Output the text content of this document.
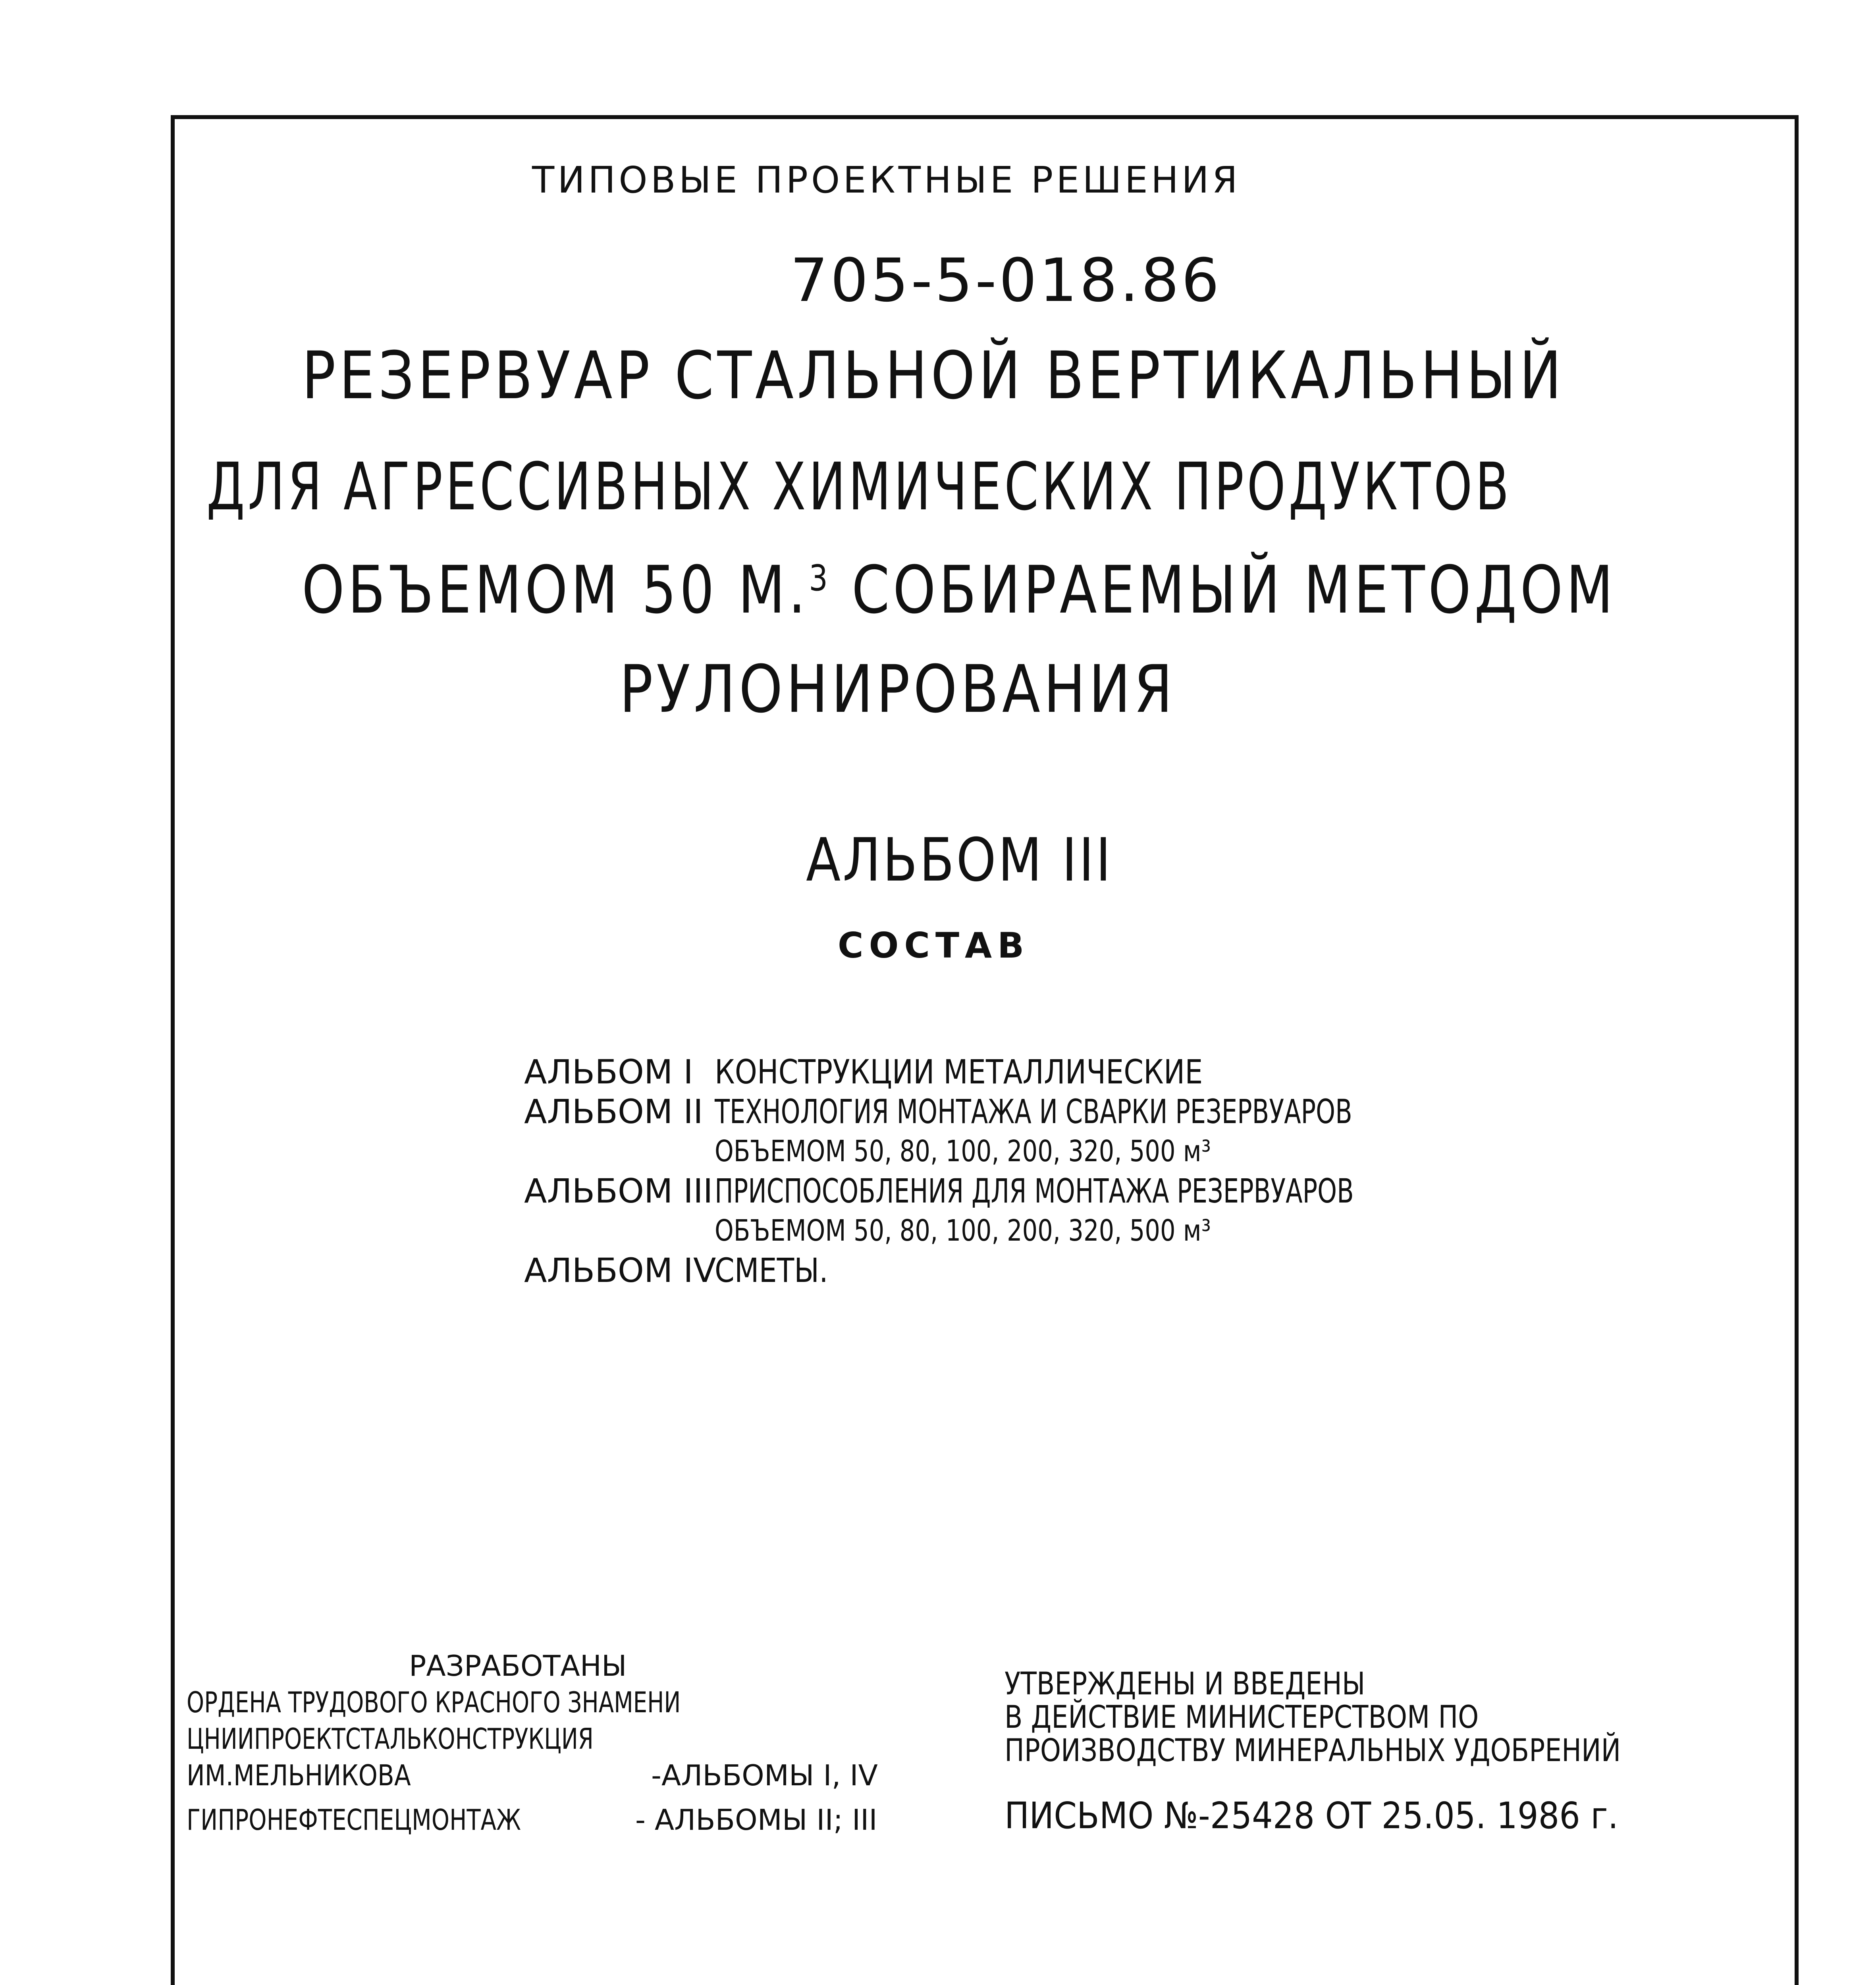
ТИПОВЫЕ ПРОЕКТНЫЕ РЕШЕНИЯ
705-5-018.86
РЕЗЕРВУАР СТАЛЬНОЙ ВЕРТИКАЛЬНЫЙ
ДЛЯ АГРЕССИВНЫХ ХИМИЧЕСКИХ ПРОДУКТОВ
ОБЪЕМОМ 50 М.$^3$ СОБИРАЕМЫЙ МЕТОДОМ
РУЛОНИРОВАНИЯ
АЛЬБОМ III
СОСТАВ
АЛЬБОМ I КОНСТРУКЦИИ МЕТАЛЛИЧЕСКИЕ
АЛЬБОМ II ТЕХНОЛОГИЯ МОНТАЖА И СВАРКИ РЕЗЕРВУАРОВ
ОБЪЕМОМ 50, 80, 100, 200, 320, 500 м³
АЛЬБОМ IIIПРИСПОСОБЛЕНИЯ ДЛЯ МОНТАЖА РЕЗЕРВУАРОВ
ОБЪЕМОМ 50, 80, 100, 200, 320, 500 м³
АЛЬБОМ IVСМЕТЫ.
РАЗРАБОТАНЫ
ОРДЕНА ТРУДОВОГО КРАСНОГО ЗНАМЕНИ
ЦНИИПРОЕКТСТАЛЬКОНСТРУКЦИЯ
ИМ.МЕЛЬНИКОВА	-АЛЬБОМЫ I, IV
ГИПРОНЕФТЕСПЕЦМОНТАЖ	- АЛЬБОМЫ II; III
УТВЕРЖДЕНЫ И ВВЕДЕНЫ
В ДЕЙСТВИЕ МИНИСТЕРСТВОМ ПО
ПРОИЗВОДСТВУ МИНЕРАЛЬНЫХ УДОБРЕНИЙ
ПИСЬМО №-25428 ОТ 25.05. 1986 г.
